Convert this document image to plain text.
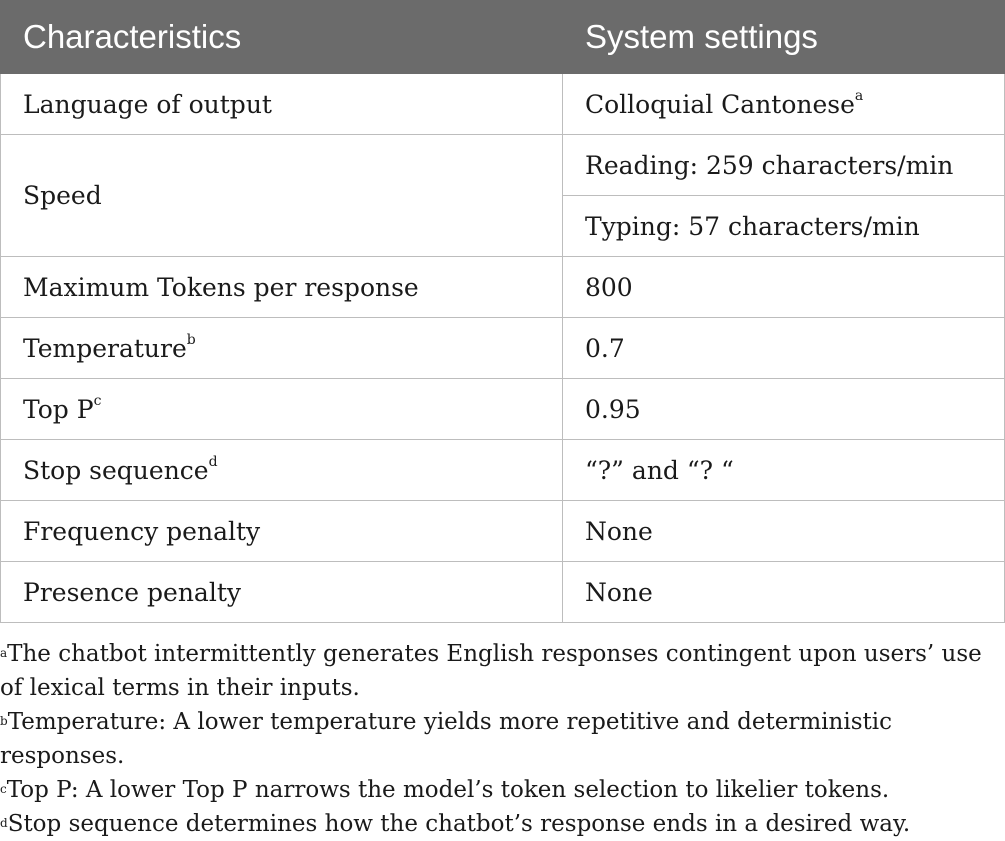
Characteristics	System settings
Language of output	Colloquial Cantonese$^a$
Speed	Reading: 259 characters/min
	Typing: 57 characters/min
Maximum Tokens per response	800
Temperature$^b$	0.7
Top $P^c$	0.95
Stop sequence$^d$	“?” and “? “
Frequency penalty	None
Presence penalty	None
$^a$The chatbot intermittently generates English responses contingent upon users’ use of lexical terms in their inputs.
$^b$Temperature: A lower temperature yields more repetitive and deterministic responses.
$^c$Top P: A lower Top P narrows the model’s token selection to likelier tokens.
$^d$Stop sequence determines how the chatbot’s response ends in a desired way.
